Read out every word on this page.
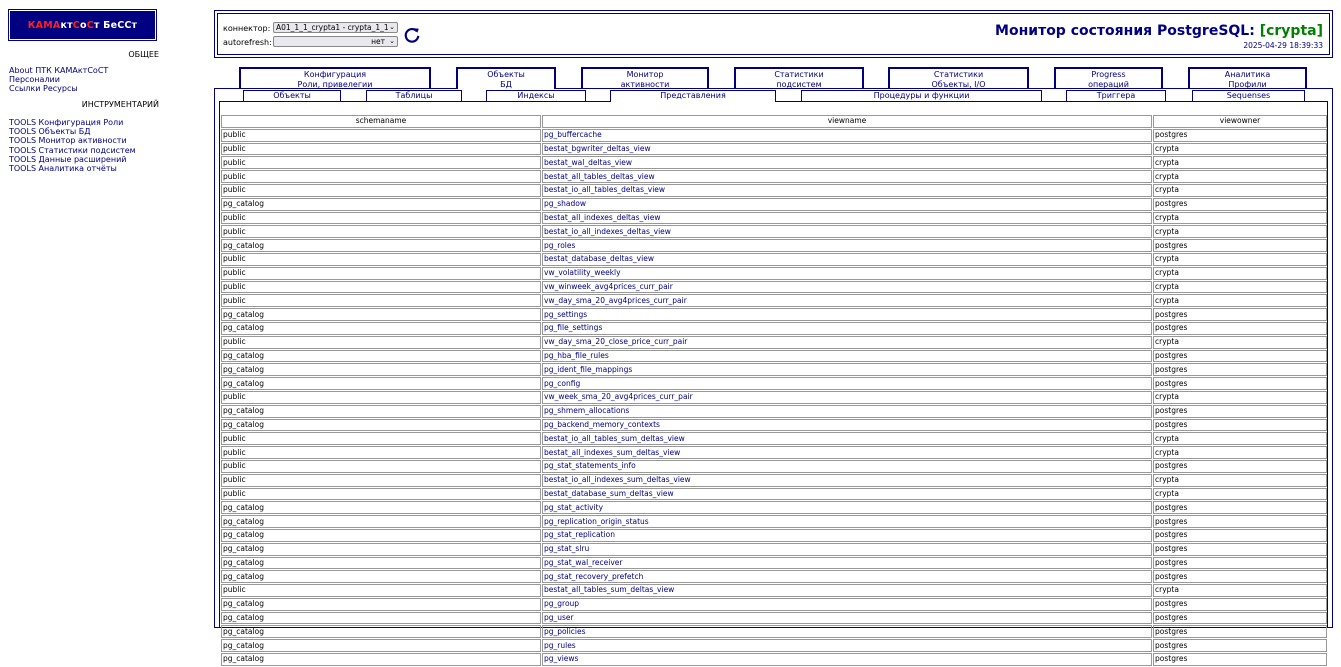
КАМАктСоСт БеССт
ОБЩЕЕ
About ПТК КАМАктСоСТ
Персоналии
Ссылки Ресурсы
ИНСТРУМЕНТАРИЙ
TOOLS Конфигурация Роли
TOOLS Объекты БД
TOOLS Монитор активности
TOOLS Статистики подсистем
TOOLS Данные расширений
TOOLS Аналитика отчёты
коннектор: A01_1_1_crypta1 - crypta_1_1 ⌄
autorefresh:	нет ⌄
Монитор состояния PostgreSQL: [crypta]
2025-04-29 18:39:33
Конфигурация
Роли, привелегии
Объекты
БД
Монитор
активности
Статистики
подсистем
Статистики
Объекты, I/O
Progress
операций
Аналитика
Профили
Объекты	Таблицы	Индексы	Представления	Процедуры и функции	Триггера	Sequenses
schemaname	viewname	viewowner
public	pg_buffercache	postgres
public	bestat_bgwriter_deltas_view	crypta
public	bestat_wal_deltas_view	crypta
public	bestat_all_tables_deltas_view	crypta
public	bestat_io_all_tables_deltas_view	crypta
pg_catalog	pg_shadow	postgres
public	bestat_all_indexes_deltas_view	crypta
public	bestat_io_all_indexes_deltas_view	crypta
pg_catalog	pg_roles	postgres
public	bestat_database_deltas_view	crypta
public	vw_volatility_weekly	crypta
public	vw_winweek_avg4prices_curr_pair	crypta
public	vw_day_sma_20_avg4prices_curr_pair	crypta
pg_catalog	pg_settings	postgres
pg_catalog	pg_file_settings	postgres
public	vw_day_sma_20_close_price_curr_pair	crypta
pg_catalog	pg_hba_file_rules	postgres
pg_catalog	pg_ident_file_mappings	postgres
pg_catalog	pg_config	postgres
public	vw_week_sma_20_avg4prices_curr_pair	crypta
pg_catalog	pg_shmem_allocations	postgres
pg_catalog	pg_backend_memory_contexts	postgres
public	bestat_io_all_tables_sum_deltas_view	crypta
public	bestat_all_indexes_sum_deltas_view	crypta
public	pg_stat_statements_info	postgres
public	bestat_io_all_indexes_sum_deltas_view	crypta
public	bestat_database_sum_deltas_view	crypta
pg_catalog	pg_stat_activity	postgres
pg_catalog	pg_replication_origin_status	postgres
pg_catalog	pg_stat_replication	postgres
pg_catalog	pg_stat_slru	postgres
pg_catalog	pg_stat_wal_receiver	postgres
pg_catalog	pg_stat_recovery_prefetch	postgres
public	bestat_all_tables_sum_deltas_view	crypta
pg_catalog	pg_group	postgres
pg_catalog	pg_user	postgres
pg_catalog	pg_policies	postgres
pg_catalog	pg_rules	postgres
pg_catalog	pg_views	postgres
